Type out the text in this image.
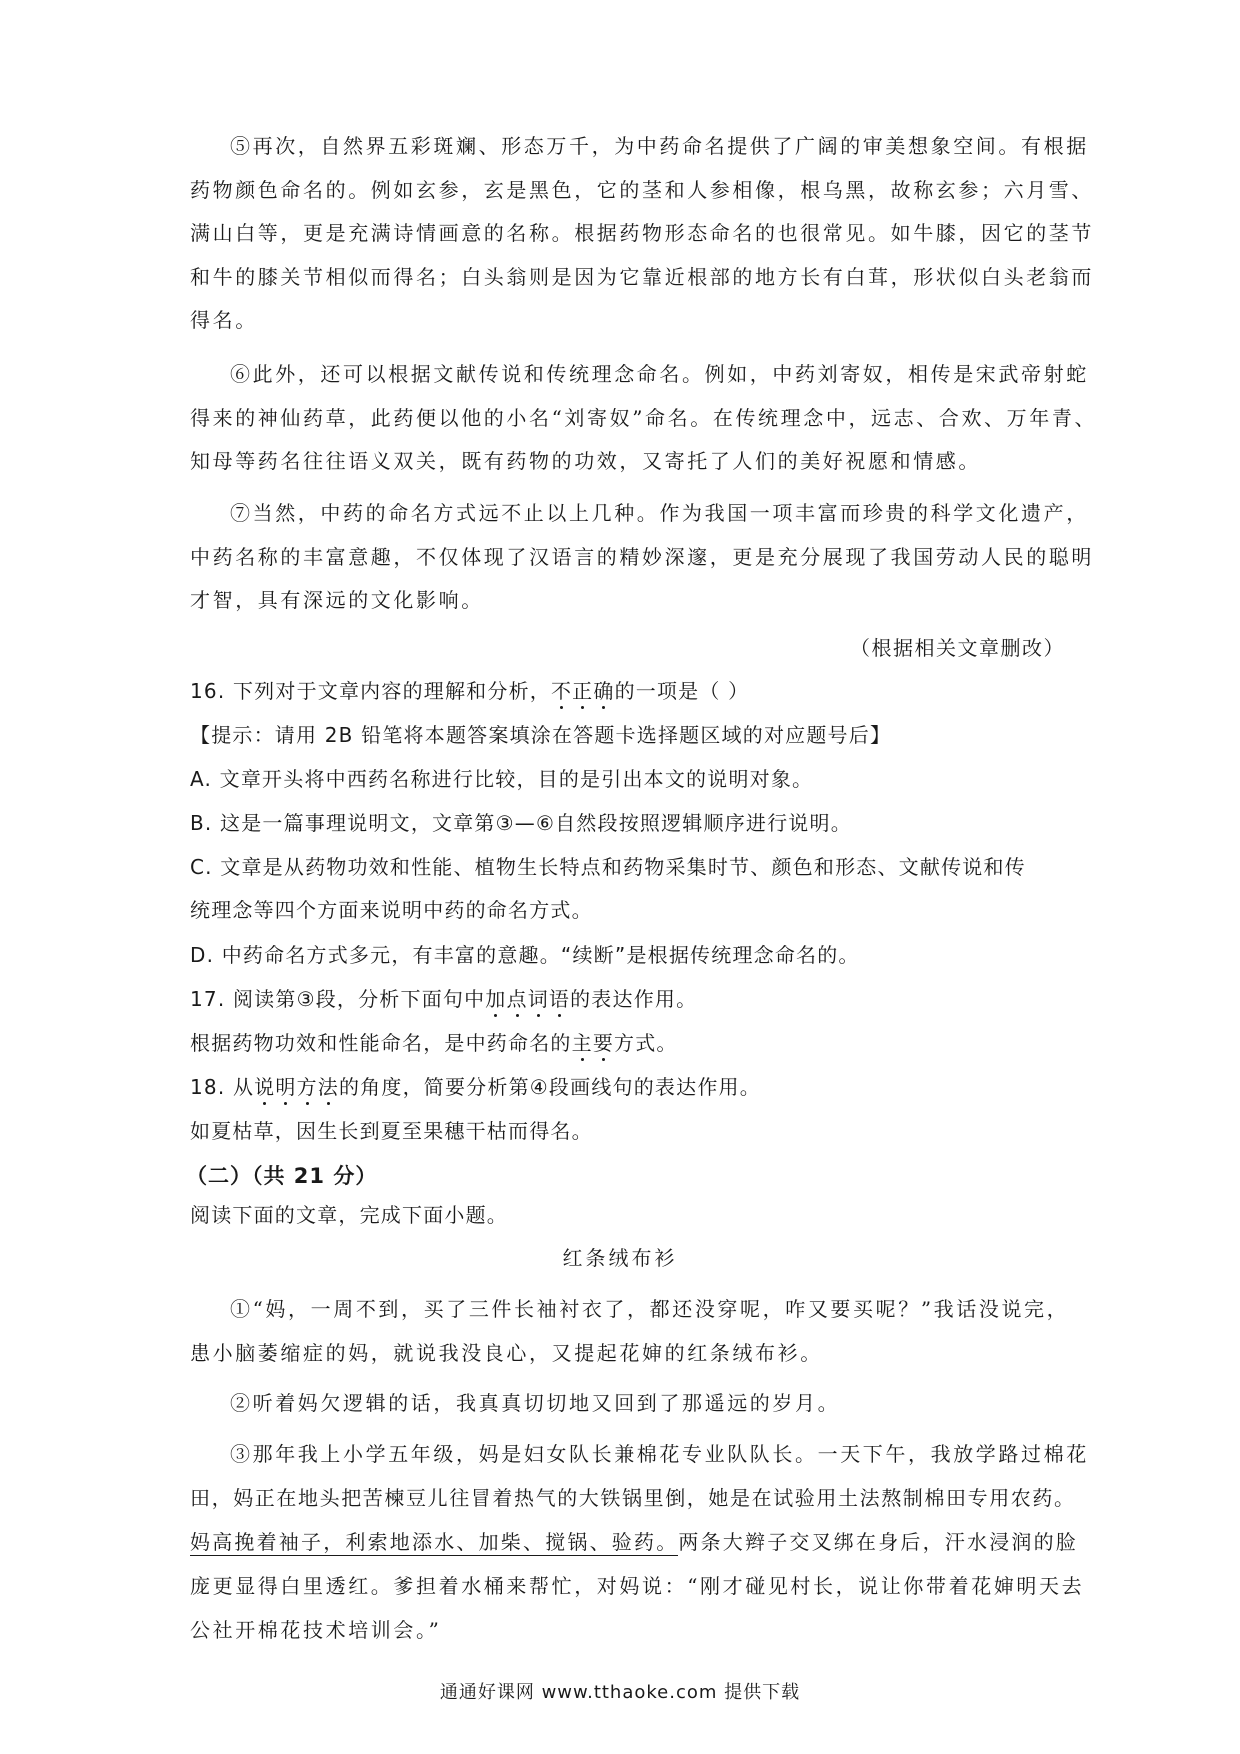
⑤再次，自然界五彩斑斓、形态万千，为中药命名提供了广阔的审美想象空间。有根据
药物颜色命名的。例如玄参，玄是黑色，它的茎和人参相像，根乌黑，故称玄参；六月雪、
满山白等，更是充满诗情画意的名称。根据药物形态命名的也很常见。如牛膝，因它的茎节
和牛的膝关节相似而得名；白头翁则是因为它靠近根部的地方长有白茸，形状似白头老翁而
得名。
⑥此外，还可以根据文献传说和传统理念命名。例如，中药刘寄奴，相传是宋武帝射蛇
得来的神仙药草，此药便以他的小名“刘寄奴”命名。在传统理念中，远志、合欢、万年青、
知母等药名往往语义双关，既有药物的功效，又寄托了人们的美好祝愿和情感。
⑦当然，中药的命名方式远不止以上几种。作为我国一项丰富而珍贵的科学文化遗产，
中药名称的丰富意趣，不仅体现了汉语言的精妙深邃，更是充分展现了我国劳动人民的聪明
才智，具有深远的文化影响。
（根据相关文章删改）
16. 下列对于文章内容的理解和分析，不正确的一项是（ ）
【提示：请用 2B 铅笔将本题答案填涂在答题卡选择题区域的对应题号后】
A. 文章开头将中西药名称进行比较，目的是引出本文的说明对象。
B. 这是一篇事理说明文，文章第③—⑥自然段按照逻辑顺序进行说明。
C. 文章是从药物功效和性能、植物生长特点和药物采集时节、颜色和形态、文献传说和传
统理念等四个方面来说明中药的命名方式。
D. 中药命名方式多元，有丰富的意趣。“续断”是根据传统理念命名的。
17. 阅读第③段，分析下面句中加点词语的表达作用。
根据药物功效和性能命名，是中药命名的主要方式。
18. 从说明方法的角度，简要分析第④段画线句的表达作用。
如夏枯草，因生长到夏至果穗干枯而得名。
（二）（共 21 分）
阅读下面的文章，完成下面小题。
红条绒布衫
①“妈，一周不到，买了三件长袖衬衣了，都还没穿呢，咋又要买呢？”我话没说完，
患小脑萎缩症的妈，就说我没良心，又提起花婶的红条绒布衫。
②听着妈欠逻辑的话，我真真切切地又回到了那遥远的岁月。
③那年我上小学五年级，妈是妇女队长兼棉花专业队队长。一天下午，我放学路过棉花
田，妈正在地头把苦楝豆儿往冒着热气的大铁锅里倒，她是在试验用土法熬制棉田专用农药。
妈高挽着袖子，利索地添水、加柴、搅锅、验药。两条大辫子交叉绑在身后，汗水浸润的脸
庞更显得白里透红。爹担着水桶来帮忙，对妈说：“刚才碰见村长，说让你带着花婶明天去
公社开棉花技术培训会。”
通通好课网 www.tthaoke.com 提供下载
